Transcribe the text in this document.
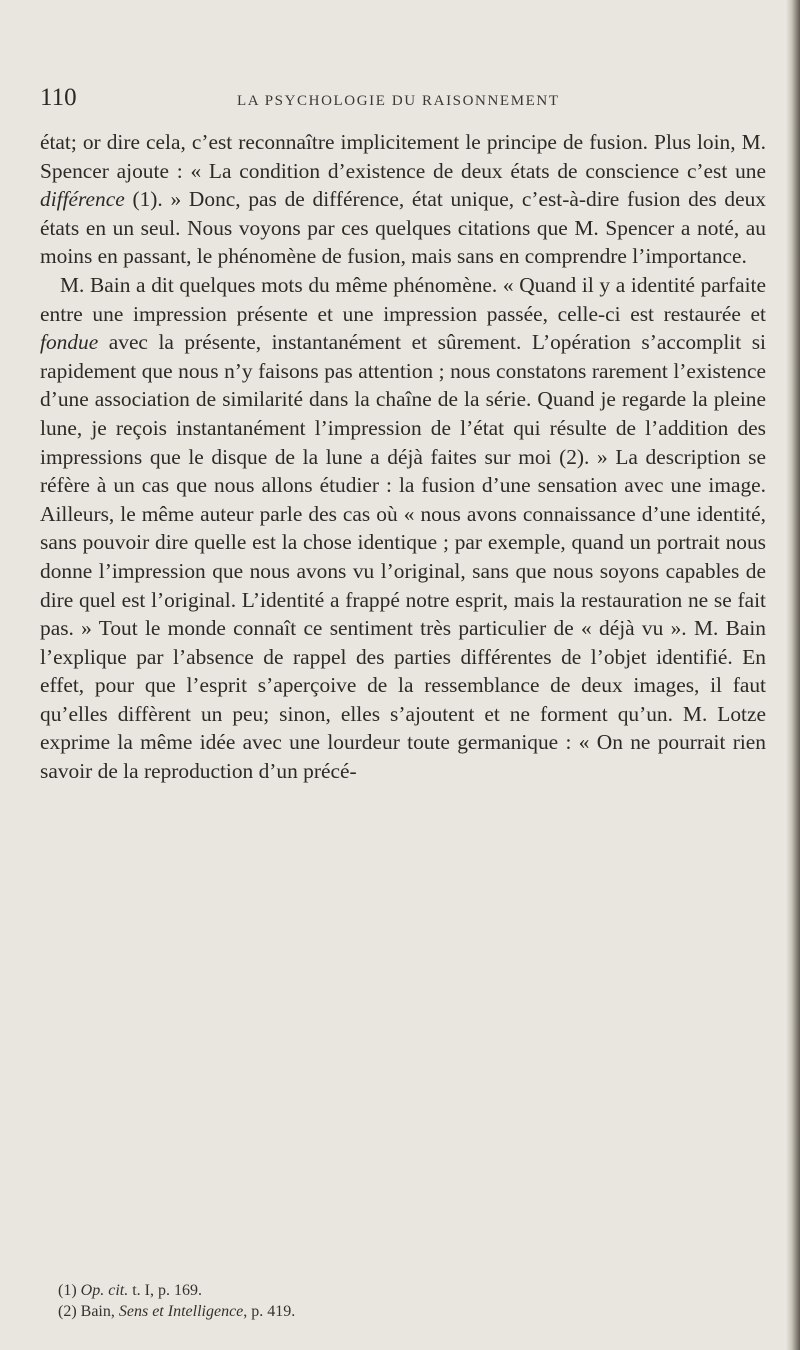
110	LA PSYCHOLOGIE DU RAISONNEMENT

état; or dire cela, c’est reconnaître implicitement le principe de fusion. Plus loin, M. Spencer ajoute : « La condition d’existence de deux états de conscience c’est une différence (1). » Donc, pas de différence, état unique, c’est-à-dire fusion des deux états en un seul. Nous voyons par ces quelques citations que M. Spencer a noté, au moins en passant, le phénomène de fusion, mais sans en comprendre l’importance.

M. Bain a dit quelques mots du même phénomène. « Quand il y a identité parfaite entre une impression présente et une impression passée, celle-ci est restaurée et fondue avec la présente, instantanément et sûrement. L’opération s’accomplit si rapidement que nous n’y faisons pas attention ; nous constatons rarement l’existence d’une association de similarité dans la chaîne de la série. Quand je regarde la pleine lune, je reçois instantanément l’impression de l’état qui résulte de l’addition des impressions que le disque de la lune a déjà faites sur moi (2). » La description se réfère à un cas que nous allons étudier : la fusion d’une sensation avec une image. Ailleurs, le même auteur parle des cas où « nous avons connaissance d’une identité, sans pouvoir dire quelle est la chose identique ; par exemple, quand un portrait nous donne l’impression que nous avons vu l’original, sans que nous soyons capables de dire quel est l’original. L’identité a frappé notre esprit, mais la restauration ne se fait pas. » Tout le monde connaît ce sentiment très particulier de « déjà vu ». M. Bain l’explique par l’absence de rappel des parties différentes de l’objet identifié. En effet, pour que l’esprit s’aperçoive de la ressemblance de deux images, il faut qu’elles diffèrent un peu; sinon, elles s’ajoutent et ne forment qu’un. M. Lotze exprime la même idée avec une lourdeur toute germanique : « On ne pourrait rien savoir de la reproduction d’un précé-

(1) Op. cit. t. I, p. 169.
(2) Bain, Sens et Intelligence, p. 419.
